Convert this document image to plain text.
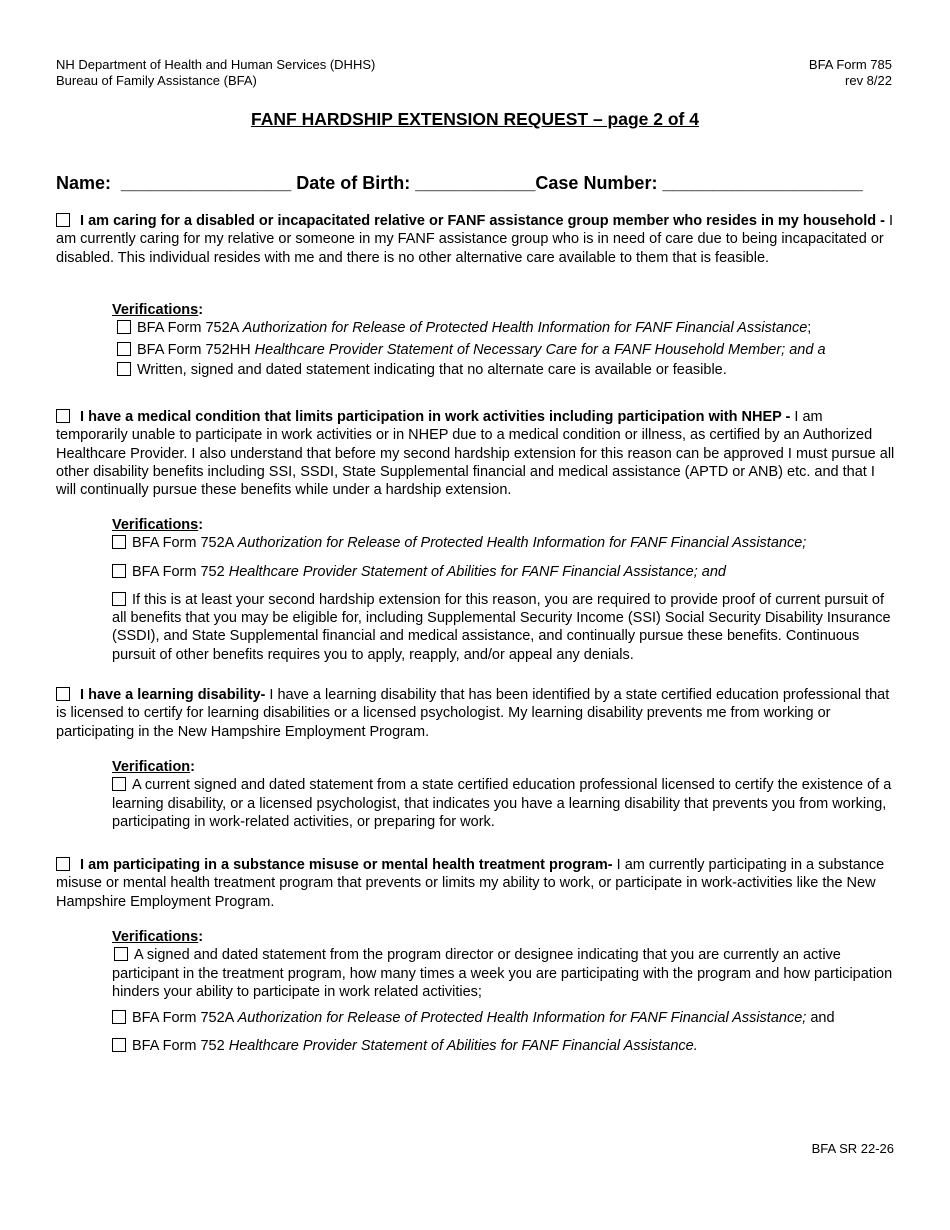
NH Department of Health and Human Services (DHHS)
Bureau of Family Assistance (BFA)
BFA Form 785
rev 8/22
FANF HARDSHIP EXTENSION REQUEST – page 2 of 4
Name: _________________ Date of Birth: ____________Case Number: ____________________

I am caring for a disabled or incapacitated relative or FANF assistance group member who resides in my household - I am currently caring for my relative or someone in my FANF assistance group who is in need of care due to being incapacitated or disabled. This individual resides with me and there is no other alternative care available to them that is feasible.

Verifications:

BFA Form 752A Authorization for Release of Protected Health Information for FANF Financial Assistance;

BFA Form 752HH Healthcare Provider Statement of Necessary Care for a FANF Household Member; and a

Written, signed and dated statement indicating that no alternate care is available or feasible.

I have a medical condition that limits participation in work activities including participation with NHEP - I am temporarily unable to participate in work activities or in NHEP due to a medical condition or illness, as certified by an Authorized Healthcare Provider. I also understand that before my second hardship extension for this reason can be approved I must pursue all other disability benefits including SSI, SSDI, State Supplemental financial and medical assistance (APTD or ANB) etc. and that I will continually pursue these benefits while under a hardship extension.

Verifications:

BFA Form 752A Authorization for Release of Protected Health Information for FANF Financial Assistance;

BFA Form 752 Healthcare Provider Statement of Abilities for FANF Financial Assistance; and

If this is at least your second hardship extension for this reason, you are required to provide proof of current pursuit of all benefits that you may be eligible for, including Supplemental Security Income (SSI) Social Security Disability Insurance (SSDI), and State Supplemental financial and medical assistance, and continually pursue these benefits. Continuous pursuit of other benefits requires you to apply, reapply, and/or appeal any denials.

I have a learning disability- I have a learning disability that has been identified by a state certified education professional that is licensed to certify for learning disabilities or a licensed psychologist. My learning disability prevents me from working or participating in the New Hampshire Employment Program.

Verification:

A current signed and dated statement from a state certified education professional licensed to certify the existence of a learning disability, or a licensed psychologist, that indicates you have a learning disability that prevents you from working, participating in work-related activities, or preparing for work.

I am participating in a substance misuse or mental health treatment program- I am currently participating in a substance misuse or mental health treatment program that prevents or limits my ability to work, or participate in work-activities like the New Hampshire Employment Program.

Verifications:

A signed and dated statement from the program director or designee indicating that you are currently an active participant in the treatment program, how many times a week you are participating with the program and how participation hinders your ability to participate in work related activities;

BFA Form 752A Authorization for Release of Protected Health Information for FANF Financial Assistance; and

BFA Form 752 Healthcare Provider Statement of Abilities for FANF Financial Assistance.

BFA SR 22-26
